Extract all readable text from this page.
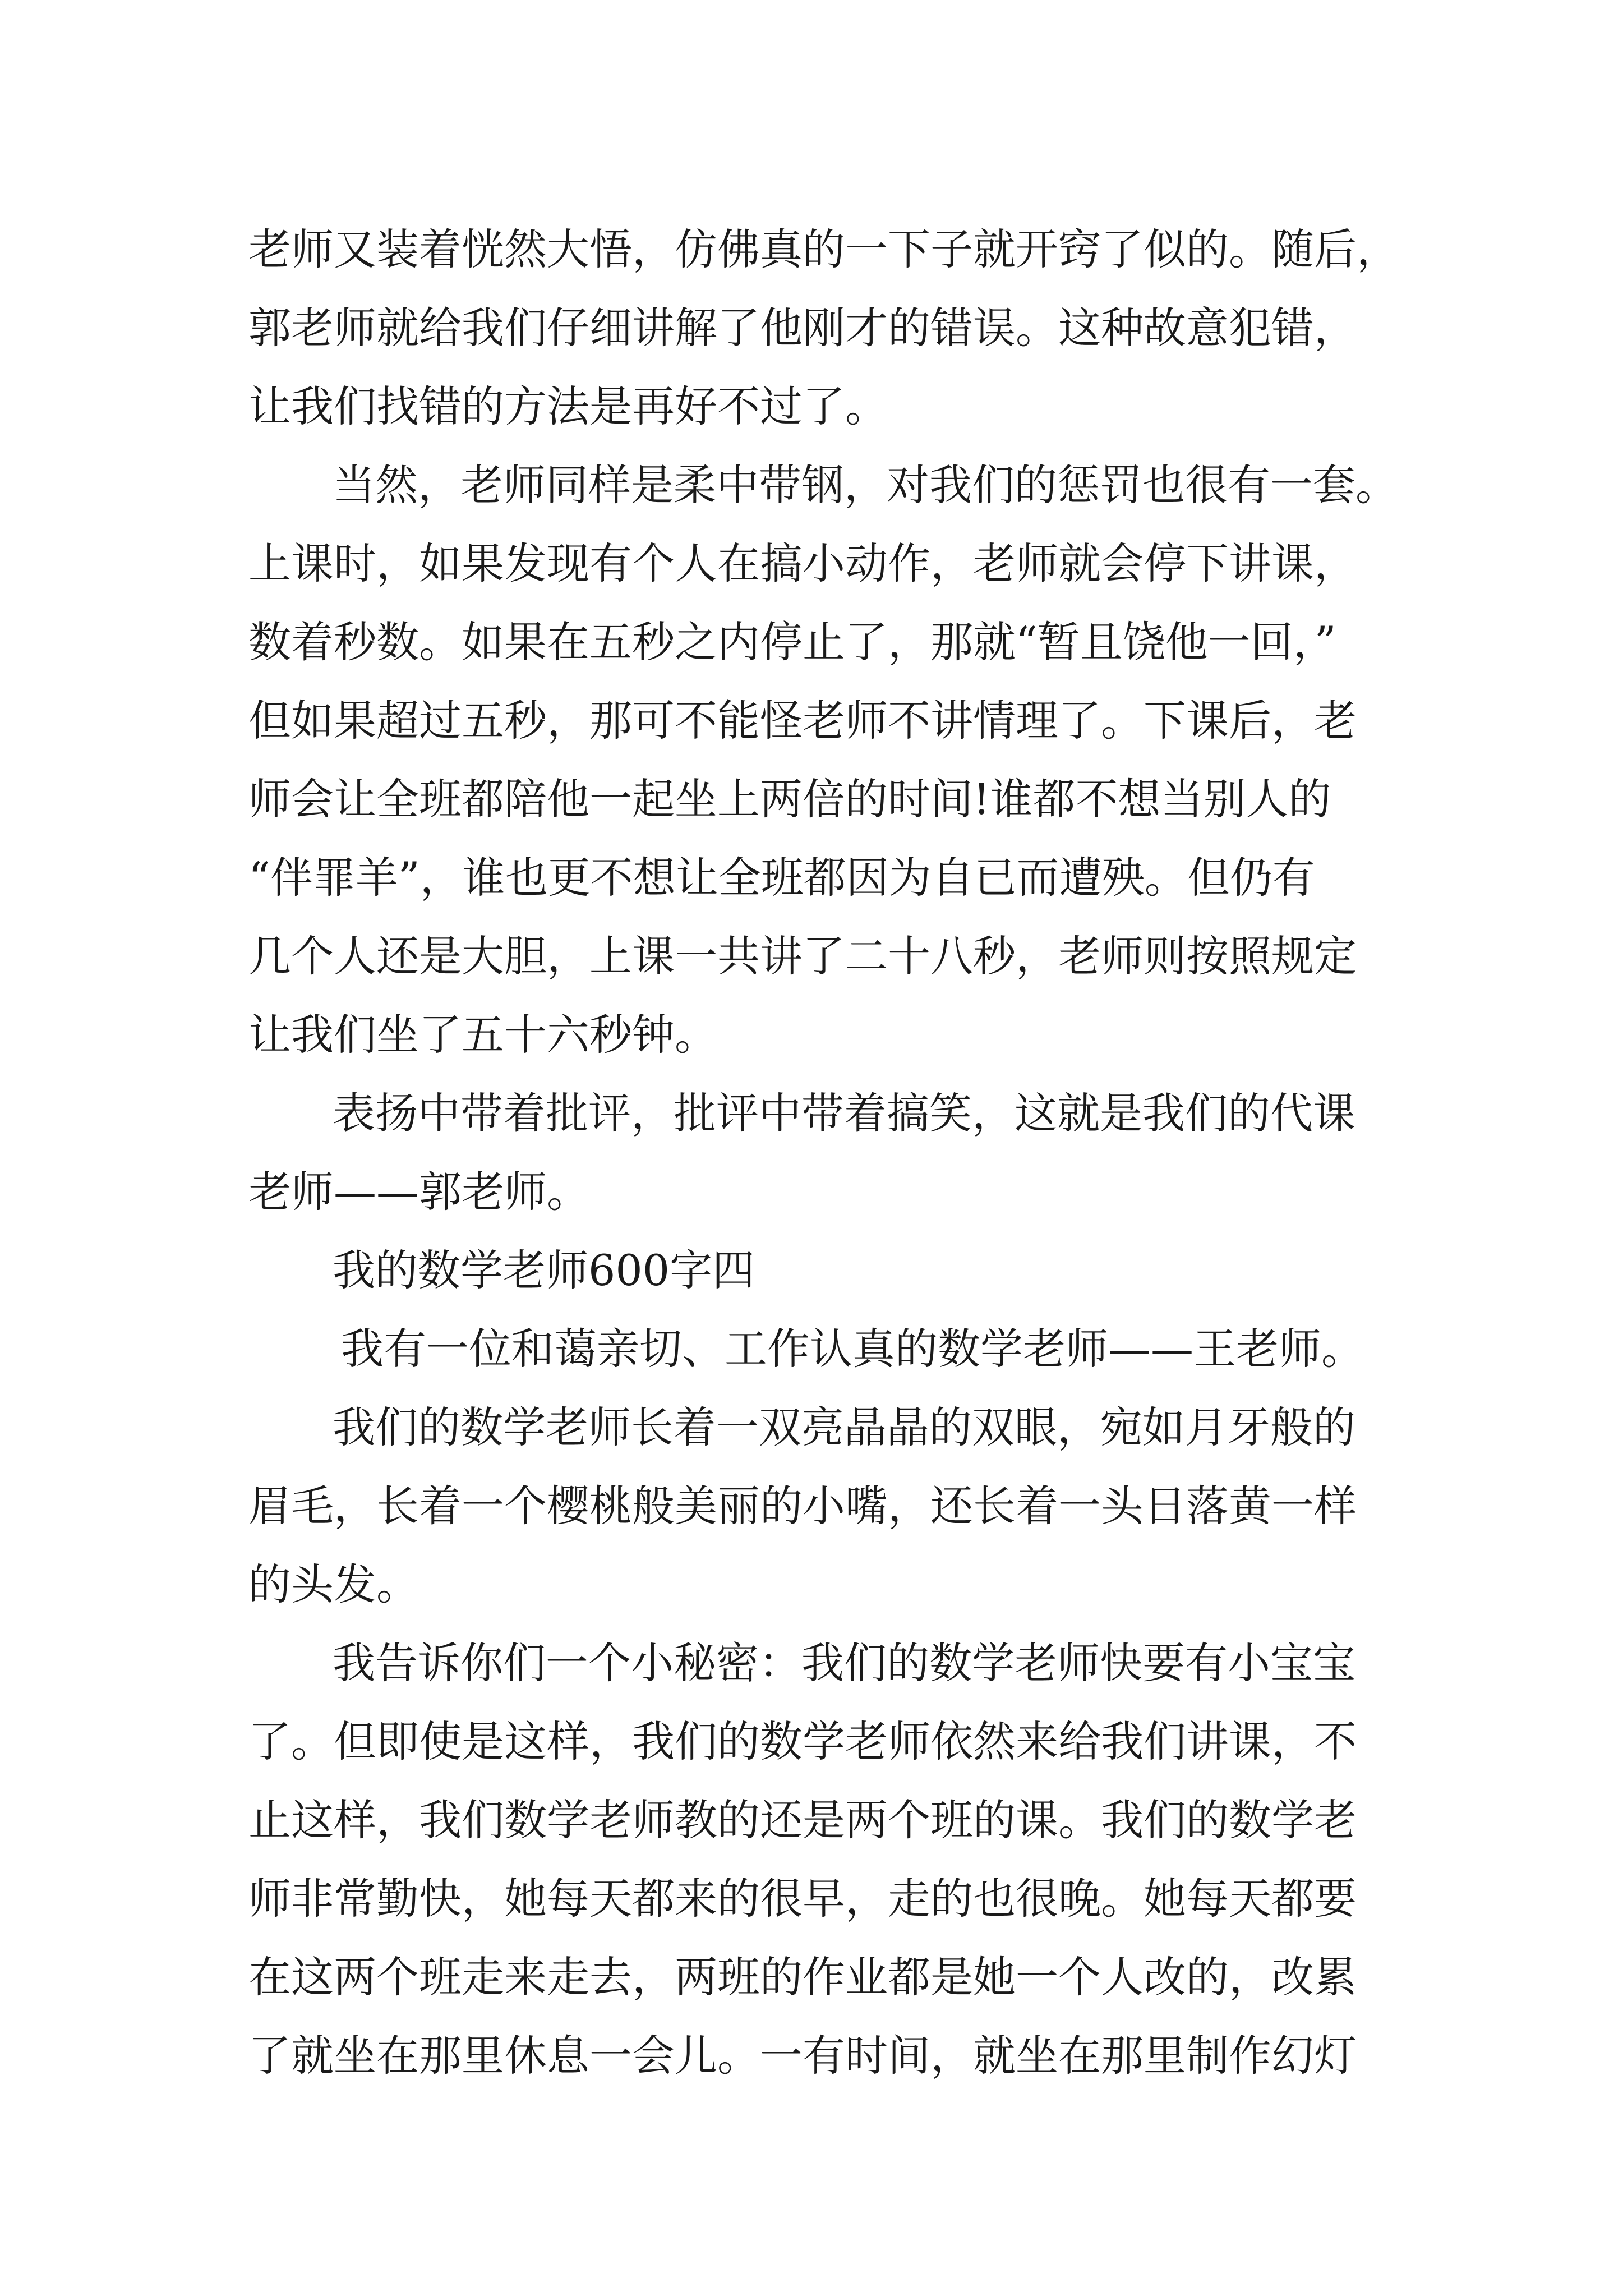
老师又装着恍然大悟，仿佛真的一下子就开窍了似的。随后，
郭老师就给我们仔细讲解了他刚才的错误。这种故意犯错，
让我们找错的方法是再好不过了。
当然，老师同样是柔中带钢，对我们的惩罚也很有一套。
上课时，如果发现有个人在搞小动作，老师就会停下讲课，
数着秒数。如果在五秒之内停止了，那就“暂且饶他一回，”
但如果超过五秒，那可不能怪老师不讲情理了。下课后，老
师会让全班都陪他一起坐上两倍的时间!谁都不想当别人的
“伴罪羊”，谁也更不想让全班都因为自已而遭殃。但仍有
几个人还是大胆，上课一共讲了二十八秒，老师则按照规定
让我们坐了五十六秒钟。
表扬中带着批评，批评中带着搞笑，这就是我们的代课
老师——郭老师。
我的数学老师600字四
我有一位和蔼亲切、工作认真的数学老师——王老师。
我们的数学老师长着一双亮晶晶的双眼，宛如月牙般的
眉毛，长着一个樱桃般美丽的小嘴，还长着一头日落黄一样
的头发。
我告诉你们一个小秘密：我们的数学老师快要有小宝宝
了。但即使是这样，我们的数学老师依然来给我们讲课，不
止这样，我们数学老师教的还是两个班的课。我们的数学老
师非常勤快，她每天都来的很早，走的也很晚。她每天都要
在这两个班走来走去，两班的作业都是她一个人改的，改累
了就坐在那里休息一会儿。一有时间，就坐在那里制作幻灯
